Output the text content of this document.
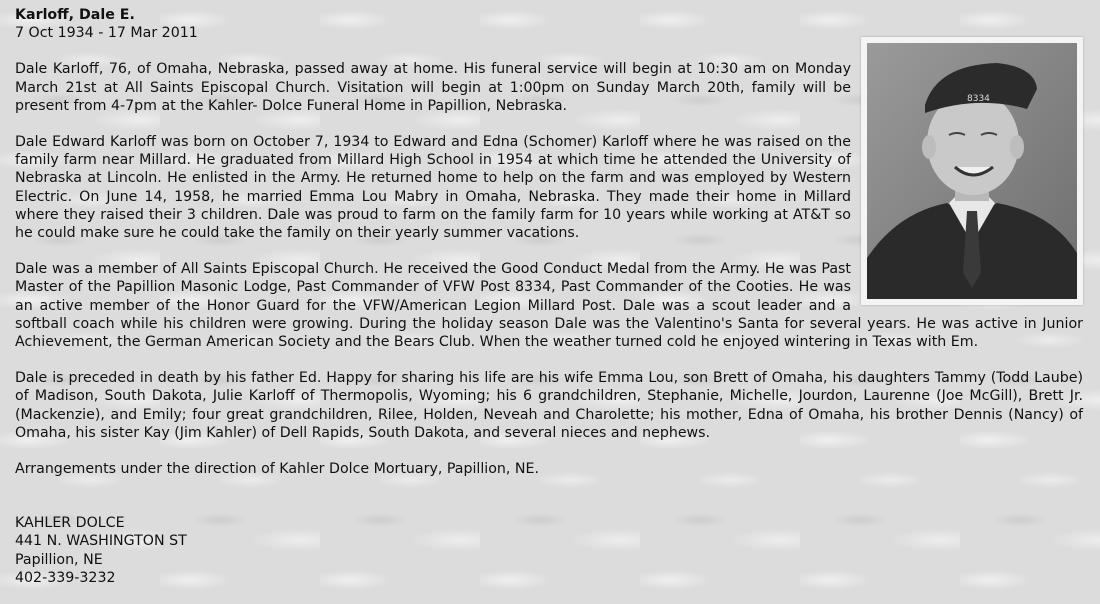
8334

Karloff, Dale E.

7 Oct 1934 - 17 Mar 2011

Dale Karloff, 76, of Omaha, Nebraska, passed away at home. His funeral service will begin at 10:30 am on Monday March 21st at All Saints Episcopal Church. Visitation will begin at 1:00pm on Sunday March 20th, family will be present from 4-7pm at the Kahler- Dolce Funeral Home in Papillion, Nebraska.

Dale Edward Karloff was born on October 7, 1934 to Edward and Edna (Schomer) Karloff where he was raised on the family farm near Millard. He graduated from Millard High School in 1954 at which time he attended the University of Nebraska at Lincoln. He enlisted in the Army. He returned home to help on the farm and was employed by Western Electric. On June 14, 1958, he married Emma Lou Mabry in Omaha, Nebraska. They made their home in Millard where they raised their 3 children. Dale was proud to farm on the family farm for 10 years while working at AT&T so he could make sure he could take the family on their yearly summer vacations.

Dale was a member of All Saints Episcopal Church. He received the Good Conduct Medal from the Army. He was Past Master of the Papillion Masonic Lodge, Past Commander of VFW Post 8334, Past Commander of the Cooties. He was an active member of the Honor Guard for the VFW/American Legion Millard Post. Dale was a scout leader and a softball coach while his children were growing. During the holiday season Dale was the Valentino's Santa for several years. He was active in Junior Achievement, the German American Society and the Bears Club. When the weather turned cold he enjoyed wintering in Texas with Em.

Dale is preceded in death by his father Ed. Happy for sharing his life are his wife Emma Lou, son Brett of Omaha, his daughters Tammy (Todd Laube) of Madison, South Dakota, Julie Karloff of Thermopolis, Wyoming; his 6 grandchildren, Stephanie, Michelle, Jourdon, Laurenne (Joe McGill), Brett Jr. (Mackenzie), and Emily; four great grandchildren, Rilee, Holden, Neveah and Charolette; his mother, Edna of Omaha, his brother Dennis (Nancy) of Omaha, his sister Kay (Jim Kahler) of Dell Rapids, South Dakota, and several nieces and nephews.

Arrangements under the direction of Kahler Dolce Mortuary, Papillion, NE.

KAHLER DOLCE

441 N. WASHINGTON ST

Papillion, NE

402-339-3232
